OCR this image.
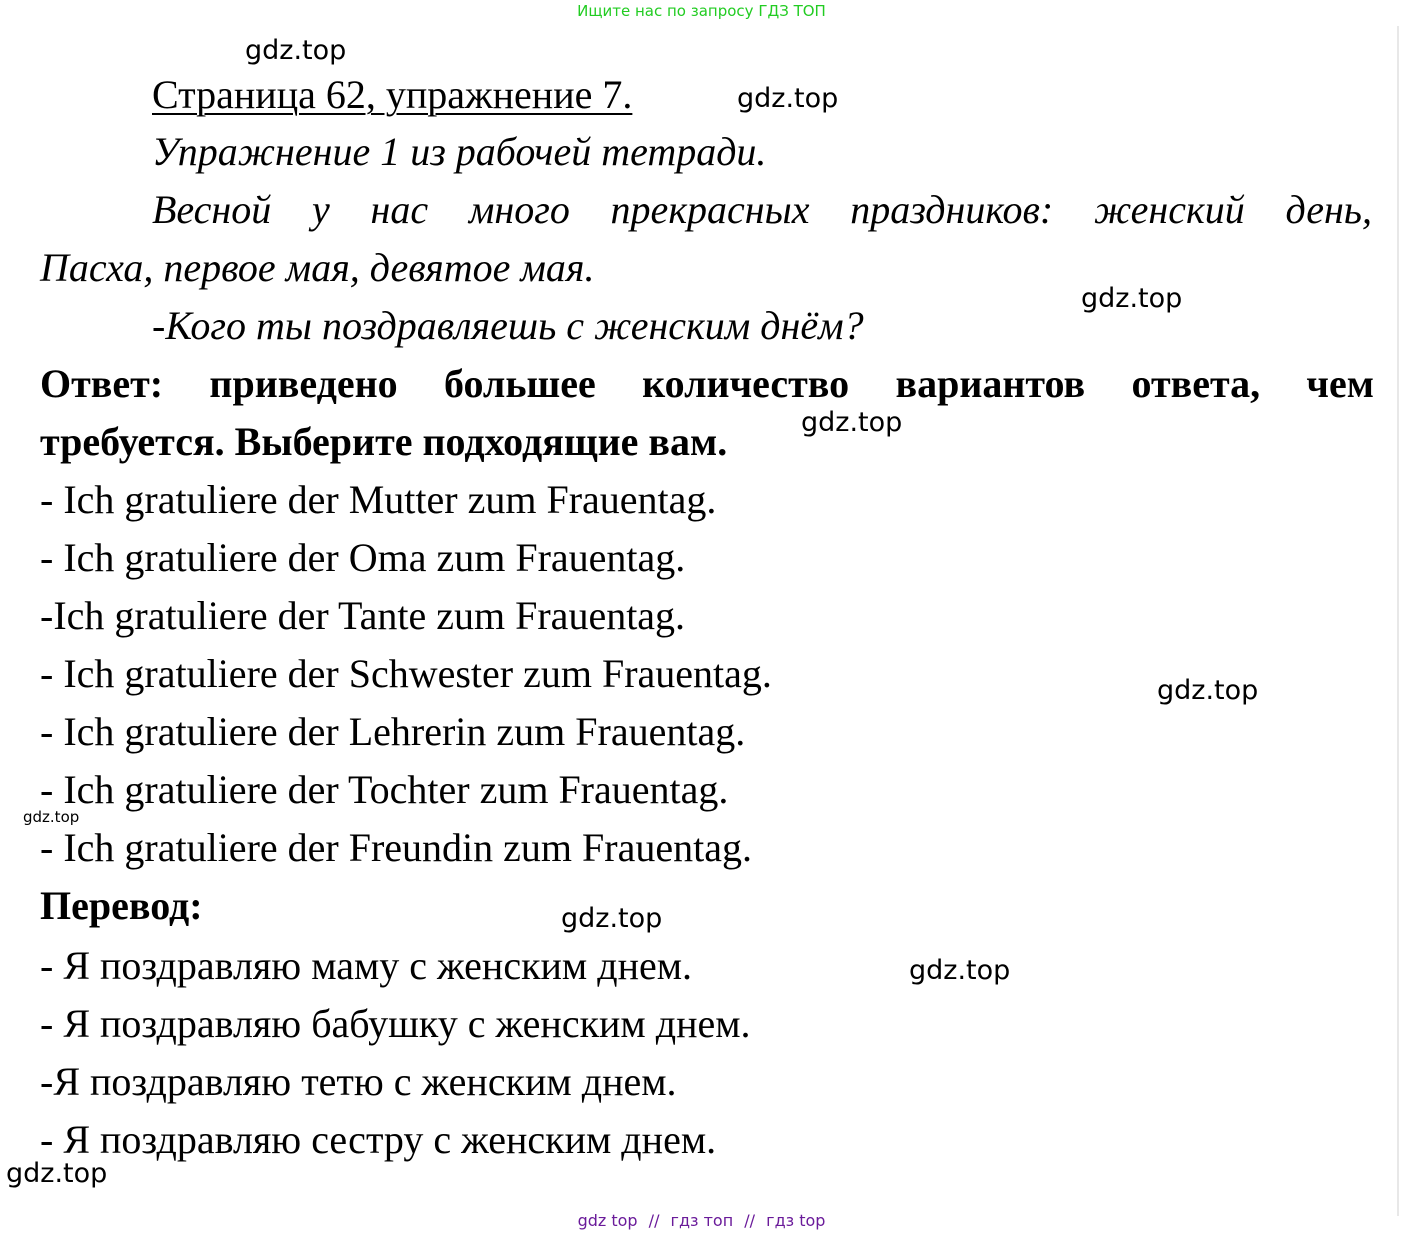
Ищите нас по запросу ГДЗ ТОП
Страница 62, упражнение 7.
Упражнение 1 из рабочей тетради.
Весной у нас много прекрасных праздников: женский день,
Пасха, первое мая, девятое мая.
-Кого ты поздравляешь с женским днём?
Ответ: приведено большее количество вариантов ответа, чем
требуется. Выберите подходящие вам.
- Ich gratuliere der Mutter zum Frauentag.
- Ich gratuliere der Oma zum Frauentag.
-Ich gratuliere der Tante zum Frauentag.
- Ich gratuliere der Schwester zum Frauentag.
- Ich gratuliere der Lehrerin zum Frauentag.
- Ich gratuliere der Tochter zum Frauentag.
- Ich gratuliere der Freundin zum Frauentag.
Перевод:
- Я поздравляю маму с женским днем.
- Я поздравляю бабушку с женским днем.
-Я поздравляю тетю с женским днем.
- Я поздравляю сестру с женским днем.
gdz.top
gdz.top
gdz.top
gdz.top
gdz.top
gdz.top
gdz.top
gdz.top
gdz.top
gdz top // гдз топ // гдз top
